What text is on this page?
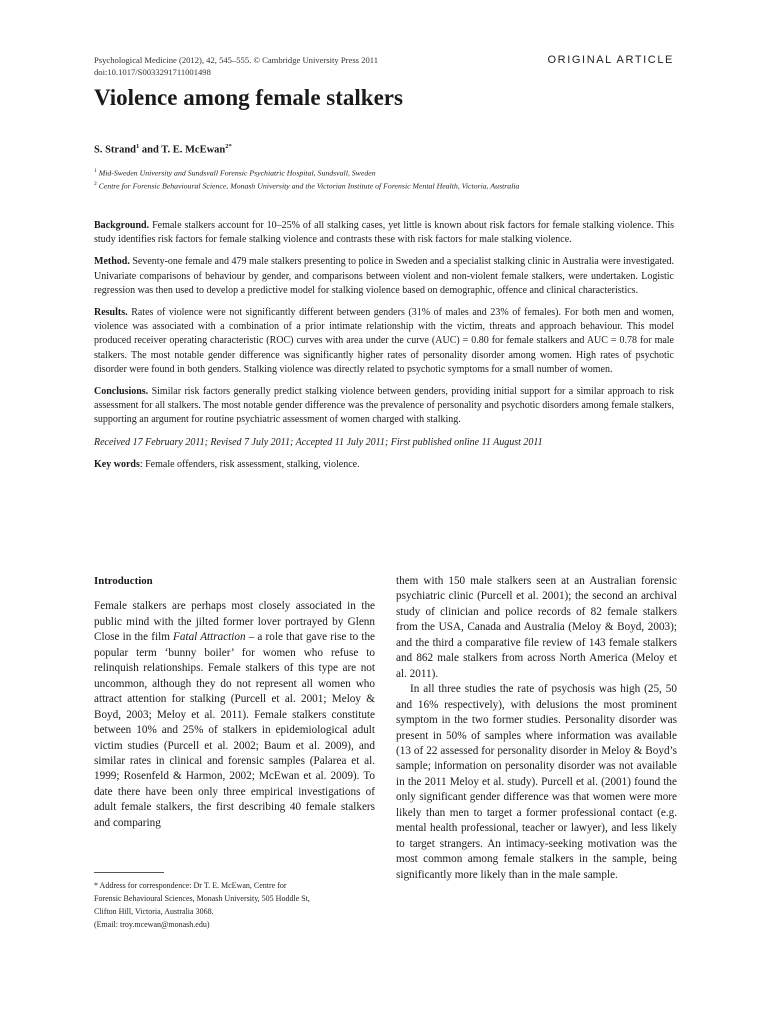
Psychological Medicine (2012), 42, 545–555. © Cambridge University Press 2011
doi:10.1017/S0033291711001498
ORIGINAL ARTICLE
Violence among female stalkers
S. Strand$^1$ and T. E. McEwan$^{2*}$
$^1$ Mid-Sweden University and Sundsvall Forensic Psychiatric Hospital, Sundsvall, Sweden
$^2$ Centre for Forensic Behavioural Science, Monash University and the Victorian Institute of Forensic Mental Health, Victoria, Australia

Background. Female stalkers account for 10–25% of all stalking cases, yet little is known about risk factors for female stalking violence. This study identifies risk factors for female stalking violence and contrasts these with risk factors for male stalking violence.

Method. Seventy-one female and 479 male stalkers presenting to police in Sweden and a specialist stalking clinic in Australia were investigated. Univariate comparisons of behaviour by gender, and comparisons between violent and non-violent female stalkers, were undertaken. Logistic regression was then used to develop a predictive model for stalking violence based on demographic, offence and clinical characteristics.

Results. Rates of violence were not significantly different between genders (31% of males and 23% of females). For both men and women, violence was associated with a combination of a prior intimate relationship with the victim, threats and approach behaviour. This model produced receiver operating characteristic (ROC) curves with area under the curve (AUC) = 0.80 for female stalkers and AUC = 0.78 for male stalkers. The most notable gender difference was significantly higher rates of personality disorder among women. High rates of psychotic disorder were found in both genders. Stalking violence was directly related to psychotic symptoms for a small number of women.

Conclusions. Similar risk factors generally predict stalking violence between genders, providing initial support for a similar approach to risk assessment for all stalkers. The most notable gender difference was the prevalence of personality and psychotic disorders among female stalkers, supporting an argument for routine psychiatric assessment of women charged with stalking.

Received 17 February 2011; Revised 7 July 2011; Accepted 11 July 2011; First published online 11 August 2011

Key words: Female offenders, risk assessment, stalking, violence.

Introduction

Female stalkers are perhaps most closely associated in the public mind with the jilted former lover portrayed by Glenn Close in the film Fatal Attraction – a role that gave rise to the popular term ‘bunny boiler’ for women who refuse to relinquish relationships. Female stalkers of this type are not uncommon, although they do not represent all women who attract attention for stalking (Purcell et al. 2001; Meloy & Boyd, 2003; Meloy et al. 2011). Female stalkers constitute between 10% and 25% of stalkers in epidemiological adult victim studies (Purcell et al. 2002; Baum et al. 2009), and similar rates in clinical and forensic samples (Palarea et al. 1999; Rosenfeld & Harmon, 2002; McEwan et al. 2009). To date there have been only three empirical investigations of adult female stalkers, the first describing 40 female stalkers and comparing

them with 150 male stalkers seen at an Australian forensic psychiatric clinic (Purcell et al. 2001); the second an archival study of clinician and police records of 82 female stalkers from the USA, Canada and Australia (Meloy & Boyd, 2003); and the third a comparative file review of 143 female stalkers and 862 male stalkers from across North America (Meloy et al. 2011).

In all three studies the rate of psychosis was high (25, 50 and 16% respectively), with delusions the most prominent symptom in the two former studies. Personality disorder was present in 50% of samples where information was available (13 of 22 assessed for personality disorder in Meloy & Boyd’s sample; information on personality disorder was not available in the 2011 Meloy et al. study). Purcell et al. (2001) found the only significant gender difference was that women were more likely than men to target a former professional contact (e.g. mental health professional, teacher or lawyer), and less likely to target strangers. An intimacy-seeking motivation was the most common among female stalkers in the sample, being significantly more likely than in the male sample.

* Address for correspondence: Dr T. E. McEwan, Centre for

Forensic Behavioural Sciences, Monash University, 505 Hoddle St,

Clifton Hill, Victoria, Australia 3068.

(Email: troy.mcewan@monash.edu)
